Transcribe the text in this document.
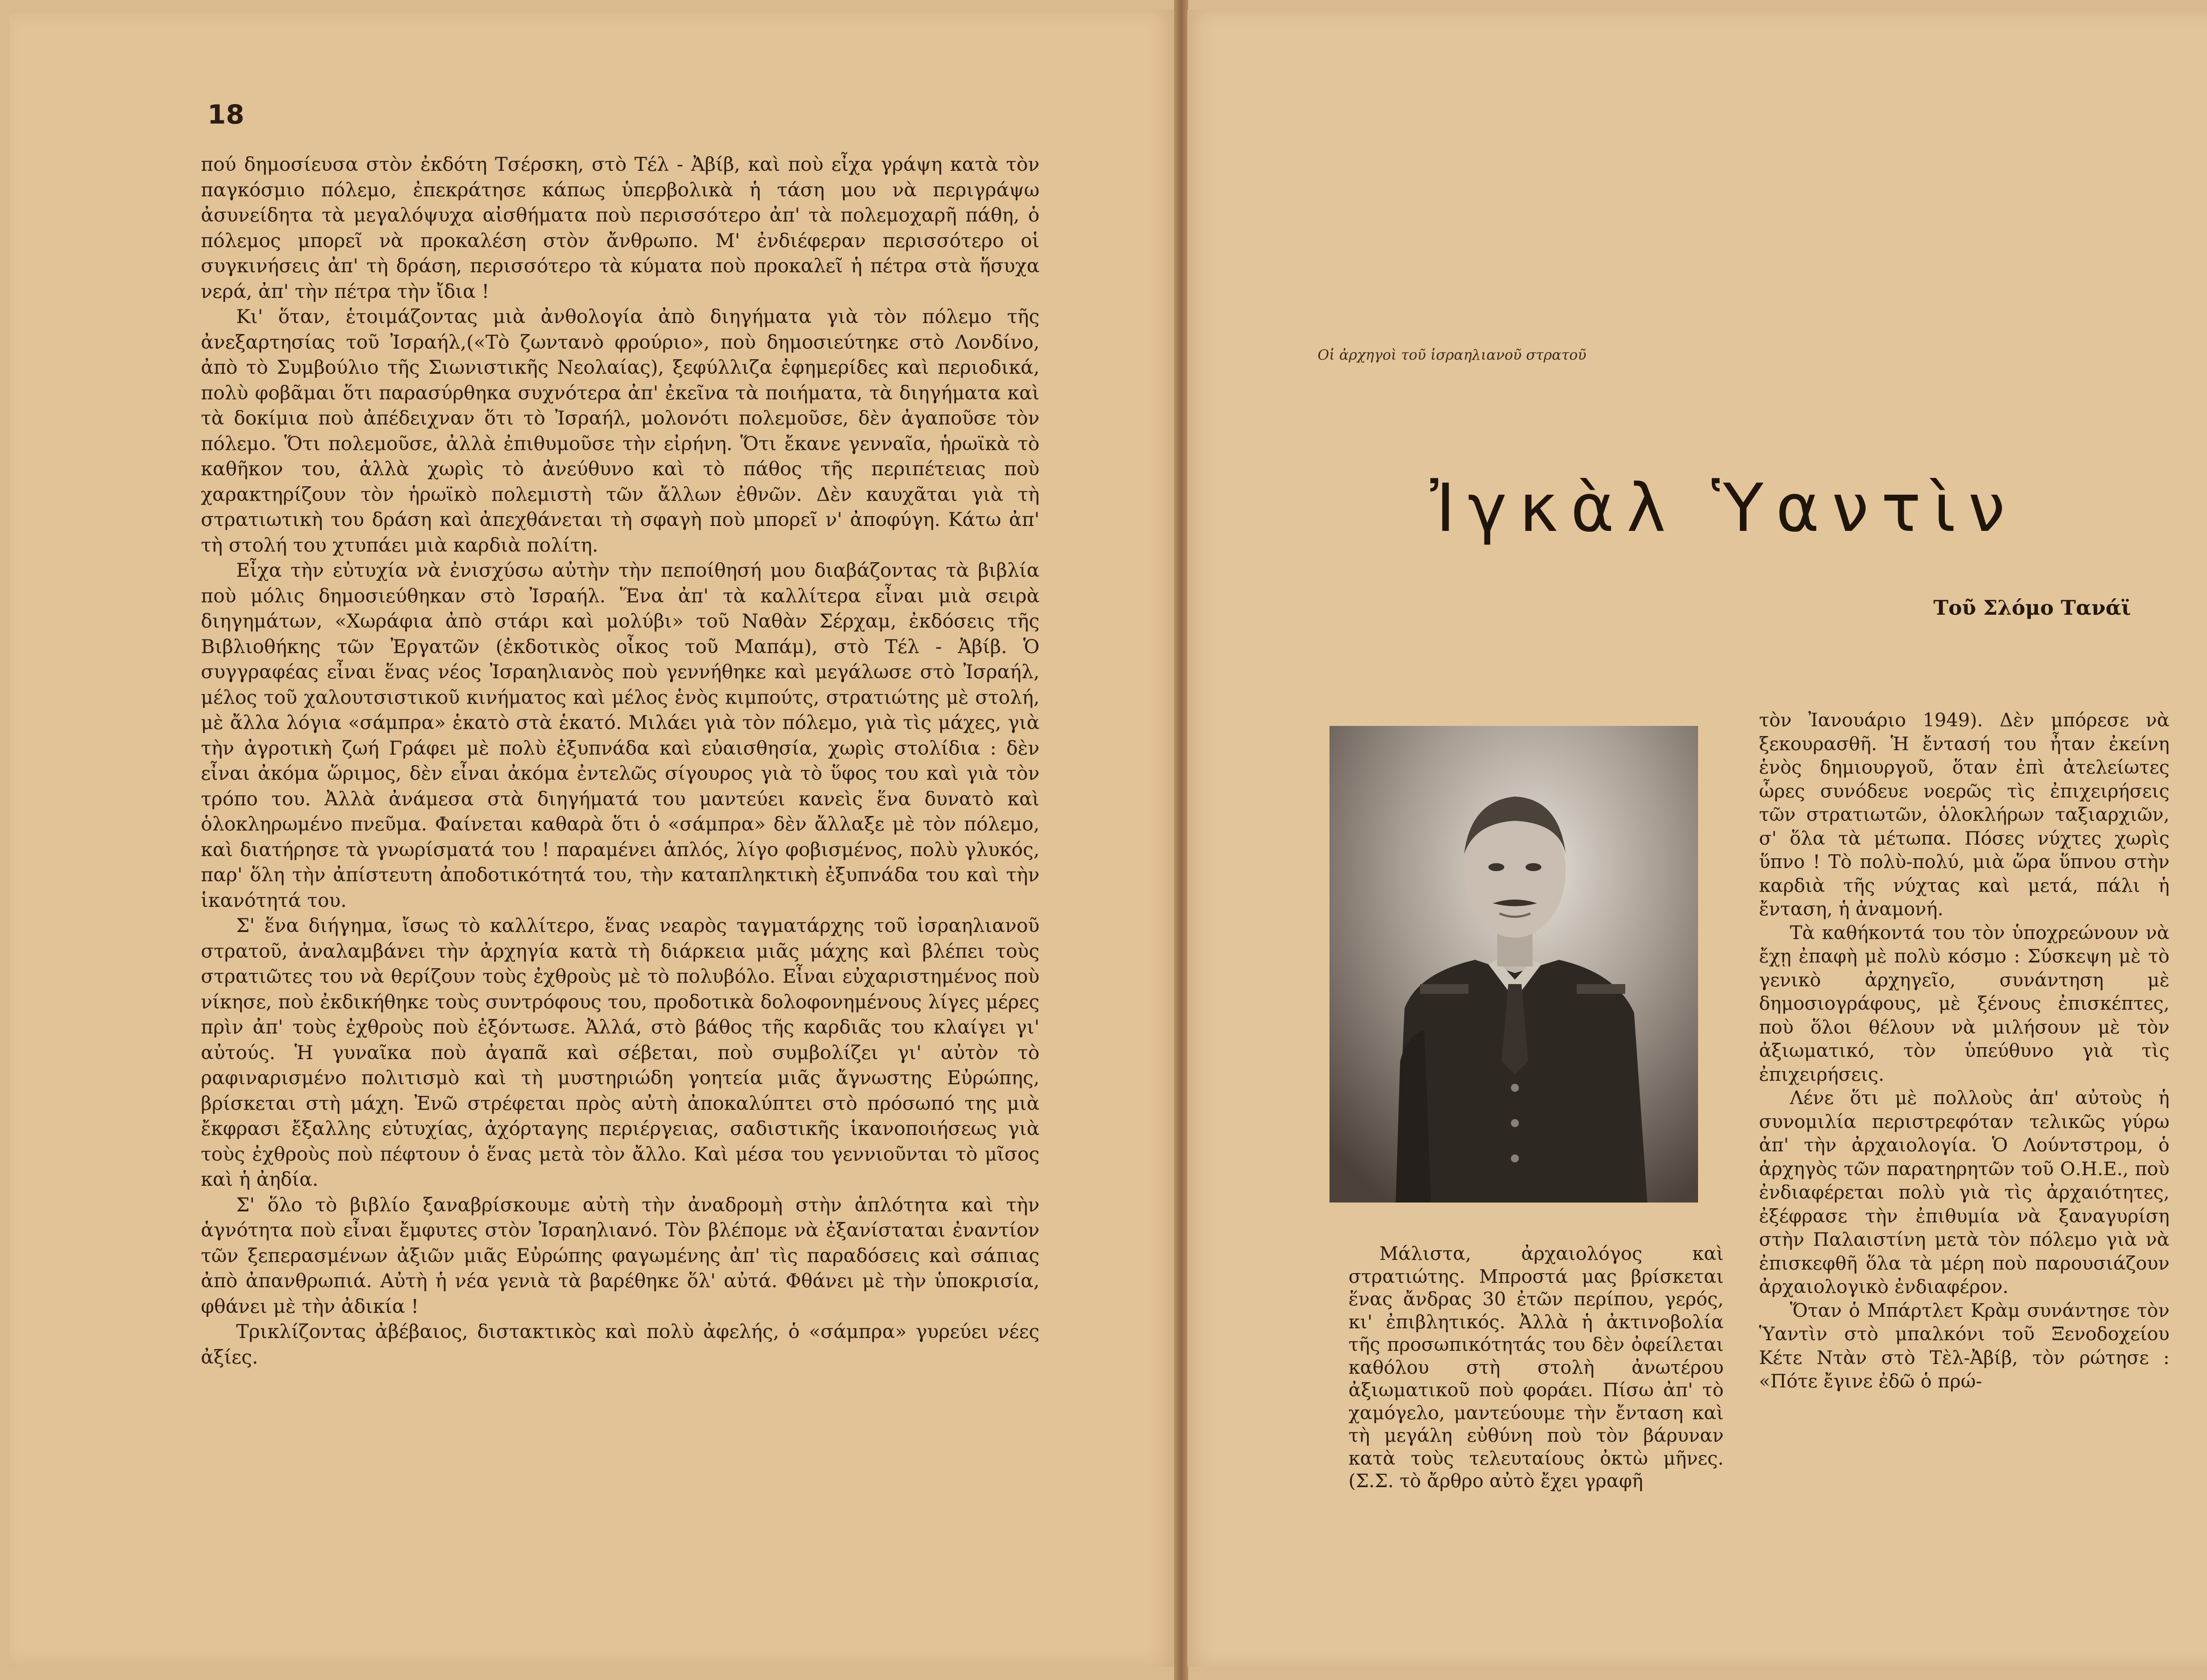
18

πού δημοσίευσα στὸν ἐκδότη Τσέρσκη, στὸ Τέλ - Ἀβίβ, καὶ ποὺ εἶχα γράψη κατὰ τὸν παγκόσμιο πόλεμο, ἐπεκράτησε κάπως ὑπερβολικὰ ἡ τάση μου νὰ περιγράψω ἀσυνείδητα τὰ μεγαλόψυχα αἰσθήματα ποὺ περισσότερο ἀπ' τὰ πολεμοχαρῆ πάθη, ὁ πόλεμος μπορεῖ νὰ προκαλέση στὸν ἄνθρωπο. Μ' ἐνδιέφεραν περισσότερο οἱ συγκινήσεις ἀπ' τὴ δράση, περισσότερο τὰ κύματα ποὺ προκαλεῖ ἡ πέτρα στὰ ἥσυχα νερά, ἀπ' τὴν πέτρα τὴν ἴδια !

Κι' ὅταν, ἑτοιμάζοντας μιὰ ἀνθολογία ἀπὸ διηγήματα γιὰ τὸν πόλεμο τῆς ἀνεξαρτησίας τοῦ Ἰσραήλ,(«Τὸ ζωντανὸ φρούριο», ποὺ δημοσιεύτηκε στὸ Λονδίνο, ἀπὸ τὸ Συμβούλιο τῆς Σιωνιστικῆς Νεολαίας), ξεφύλλιζα ἐφημερίδες καὶ περιοδικά, πολὺ φοβᾶμαι ὅτι παρασύρθηκα συχνότερα ἀπ' ἐκεῖνα τὰ ποιήματα, τὰ διηγήματα καὶ τὰ δοκίμια ποὺ ἀπέδειχναν ὅτι τὸ Ἰσραήλ, μολονότι πολεμοῦσε, δὲν ἀγαποῦσε τὸν πόλεμο. Ὅτι πολεμοῦσε, ἀλλὰ ἐπιθυμοῦσε τὴν εἰρήνη. Ὅτι ἔκανε γενναῖα, ἡρωϊκὰ τὸ καθῆκον του, ἀλλὰ χωρὶς τὸ ἀνεύθυνο καὶ τὸ πάθος τῆς περιπέτειας ποὺ χαρακτηρίζουν τὸν ἡρωϊκὸ πολεμιστὴ τῶν ἄλλων ἐθνῶν. Δὲν καυχᾶται γιὰ τὴ στρατιωτικὴ του δράση καὶ ἀπεχθάνεται τὴ σφαγὴ ποὺ μπορεῖ ν' ἀποφύγη. Κάτω ἀπ' τὴ στολή του χτυπάει μιὰ καρδιὰ πολίτη.

Εἶχα τὴν εὐτυχία νὰ ἐνισχύσω αὐτὴν τὴν πεποίθησή μου διαβάζοντας τὰ βιβλία ποὺ μόλις δημοσιεύθηκαν στὸ Ἰσραήλ. Ἕνα ἀπ' τὰ καλλίτερα εἶναι μιὰ σειρὰ διηγημάτων, «Χωράφια ἀπὸ στάρι καὶ μολύβι» τοῦ Ναθὰν Σέρχαμ, ἐκδόσεις τῆς Βιβλιοθήκης τῶν Ἐργατῶν (ἐκδοτικὸς οἶκος τοῦ Μαπάμ), στὸ Τέλ - Ἀβίβ. Ὁ συγγραφέας εἶναι ἕνας νέος Ἰσραηλιανὸς ποὺ γεννήθηκε καὶ μεγάλωσε στὸ Ἰσραήλ, μέλος τοῦ χαλουτσιστικοῦ κινήματος καὶ μέλος ἑνὸς κιμπούτς, στρατιώτης μὲ στολή, μὲ ἄλλα λόγια «σάμπρα» ἑκατὸ στὰ ἑκατό. Μιλάει γιὰ τὸν πόλεμο, γιὰ τὶς μάχες, γιὰ τὴν ἀγροτικὴ ζωή Γράφει μὲ πολὺ ἐξυπνάδα καὶ εὐαισθησία, χωρὶς στολίδια : δὲν εἶναι ἀκόμα ὥριμος, δὲν εἶναι ἀκόμα ἐντελῶς σίγουρος γιὰ τὸ ὕφος του καὶ γιὰ τὸν τρόπο του. Ἀλλὰ ἀνάμεσα στὰ διηγήματά του μαντεύει κανεὶς ἕνα δυνατὸ καὶ ὁλοκληρωμένο πνεῦμα. Φαίνεται καθαρὰ ὅτι ὁ «σάμπρα» δὲν ἄλλαξε μὲ τὸν πόλεμο, καὶ διατήρησε τὰ γνωρίσματά του ! παραμένει ἁπλός, λίγο φοβισμένος, πολὺ γλυκός, παρ' ὅλη τὴν ἀπίστευτη ἀποδοτικότητά του, τὴν καταπληκτικὴ ἐξυπνάδα του καὶ τὴν ἱκανότητά του.

Σ' ἕνα διήγημα, ἴσως τὸ καλλίτερο, ἕνας νεαρὸς ταγματάρχης τοῦ ἰσραηλιανοῦ στρατοῦ, ἀναλαμβάνει τὴν ἀρχηγία κατὰ τὴ διάρκεια μιᾶς μάχης καὶ βλέπει τοὺς στρατιῶτες του νὰ θερίζουν τοὺς ἐχθροὺς μὲ τὸ πολυβόλο. Εἶναι εὐχαριστημένος ποὺ νίκησε, ποὺ ἐκδικήθηκε τοὺς συντρόφους του, προδοτικὰ δολοφονημένους λίγες μέρες πρὶν ἀπ' τοὺς ἐχθροὺς ποὺ ἐξόντωσε. Ἀλλά, στὸ βάθος τῆς καρδιᾶς του κλαίγει γι' αὐτούς. Ἡ γυναῖκα ποὺ ἀγαπᾶ καὶ σέβεται, ποὺ συμβολίζει γι' αὐτὸν τὸ ραφιναρισμένο πολιτισμὸ καὶ τὴ μυστηριώδη γοητεία μιᾶς ἄγνωστης Εὐρώπης, βρίσκεται στὴ μάχη. Ἐνῶ στρέφεται πρὸς αὐτὴ ἀποκαλύπτει στὸ πρόσωπό της μιὰ ἔκφρασι ἔξαλλης εὐτυχίας, ἀχόρταγης περιέργειας, σαδιστικῆς ἱκανοποιήσεως γιὰ τοὺς ἐχθροὺς ποὺ πέφτουν ὁ ἕνας μετὰ τὸν ἄλλο. Καὶ μέσα του γεννιοῦνται τὸ μῖσος καὶ ἡ ἀηδία.

Σ' ὅλο τὸ βιβλίο ξαναβρίσκουμε αὐτὴ τὴν ἀναδρομὴ στὴν ἁπλότητα καὶ τὴν ἁγνότητα ποὺ εἶναι ἔμφυτες στὸν Ἰσραηλιανό. Τὸν βλέπομε νὰ ἐξανίσταται ἐναντίον τῶν ξεπερασμένων ἀξιῶν μιᾶς Εὐρώπης φαγωμένης ἀπ' τὶς παραδόσεις καὶ σάπιας ἀπὸ ἀπανθρωπιά. Αὐτὴ ἡ νέα γενιὰ τὰ βαρέθηκε ὅλ' αὐτά. Φθάνει μὲ τὴν ὑποκρισία, φθάνει μὲ τὴν ἀδικία !

Τρικλίζοντας ἀβέβαιος, διστακτικὸς καὶ πολὺ ἀφελής, ὁ «σάμπρα» γυρεύει νέες ἀξίες.

Οἱ ἀρχηγοὶ τοῦ ἰσραηλιανοῦ στρατοῦ
Ἰγκὰλ Ὑαντὶν
Τοῦ Σλόμο Τανάϊ

Μάλιστα, ἀρχαιολόγος καὶ στρατιώτης. Μπροστά μας βρίσκεται ἕνας ἄνδρας 30 ἐτῶν περίπου, γερός, κι' ἐπιβλητικός. Ἀλλὰ ἡ ἀκτινοβολία τῆς προσωπικότητάς του δὲν ὀφείλεται καθόλου στὴ στολὴ ἀνωτέρου ἀξιωματικοῦ ποὺ φοράει. Πίσω ἀπ' τὸ χαμόγελο, μαντεύουμε τὴν ἔνταση καὶ τὴ μεγάλη εὐθύνη ποὺ τὸν βάρυναν κατὰ τοὺς τελευταίους ὀκτὼ μῆνες. (Σ.Σ. τὸ ἄρθρο αὐτὸ ἔχει γραφῆ

τὸν Ἰανουάριο 1949). Δὲν μπόρεσε νὰ ξεκουρασθῆ. Ἡ ἔντασή του ἦταν ἐκείνη ἑνὸς δημιουργοῦ, ὅταν ἐπὶ ἀτελείωτες ὧρες συνόδευε νοερῶς τὶς ἐπιχειρήσεις τῶν στρατιωτῶν, ὁλοκλήρων ταξιαρχιῶν, σ' ὅλα τὰ μέτωπα. Πόσες νύχτες χωρὶς ὕπνο ! Τὸ πολὺ-πολύ, μιὰ ὥρα ὕπνου στὴν καρδιὰ τῆς νύχτας καὶ μετά, πάλι ἡ ἔνταση, ἡ ἀναμονή.

Τὰ καθήκοντά του τὸν ὑποχρεώνουν νὰ ἔχῃ ἐπαφὴ μὲ πολὺ κόσμο : Σύσκεψη μὲ τὸ γενικὸ ἀρχηγεῖο, συνάντηση μὲ δημοσιογράφους, μὲ ξένους ἐπισκέπτες, ποὺ ὅλοι θέλουν νὰ μιλήσουν μὲ τὸν ἀξιωματικό, τὸν ὑπεύθυνο γιὰ τὶς ἐπιχειρήσεις.

Λένε ὅτι μὲ πολλοὺς ἀπ' αὐτοὺς ἡ συνομιλία περιστρεφόταν τελικῶς γύρω ἀπ' τὴν ἀρχαιολογία. Ὁ Λούντστρομ, ὁ ἀρχηγὸς τῶν παρατηρητῶν τοῦ Ο.Η.Ε., ποὺ ἐνδιαφέρεται πολὺ γιὰ τὶς ἀρχαιότητες, ἐξέφρασε τὴν ἐπιθυμία νὰ ξαναγυρίση στὴν Παλαιστίνη μετὰ τὸν πόλεμο γιὰ νὰ ἐπισκεφθῆ ὅλα τὰ μέρη ποὺ παρουσιάζουν ἀρχαιολογικὸ ἐνδιαφέρον.

Ὅταν ὁ Μπάρτλετ Κρὰμ συνάντησε τὸν Ὑαντὶν στὸ μπαλκόνι τοῦ Ξενοδοχείου Κέτε Ντὰν στὸ Τὲλ-Ἀβίβ, τὸν ρώτησε : «Πότε ἔγινε ἐδῶ ὁ πρώ-
